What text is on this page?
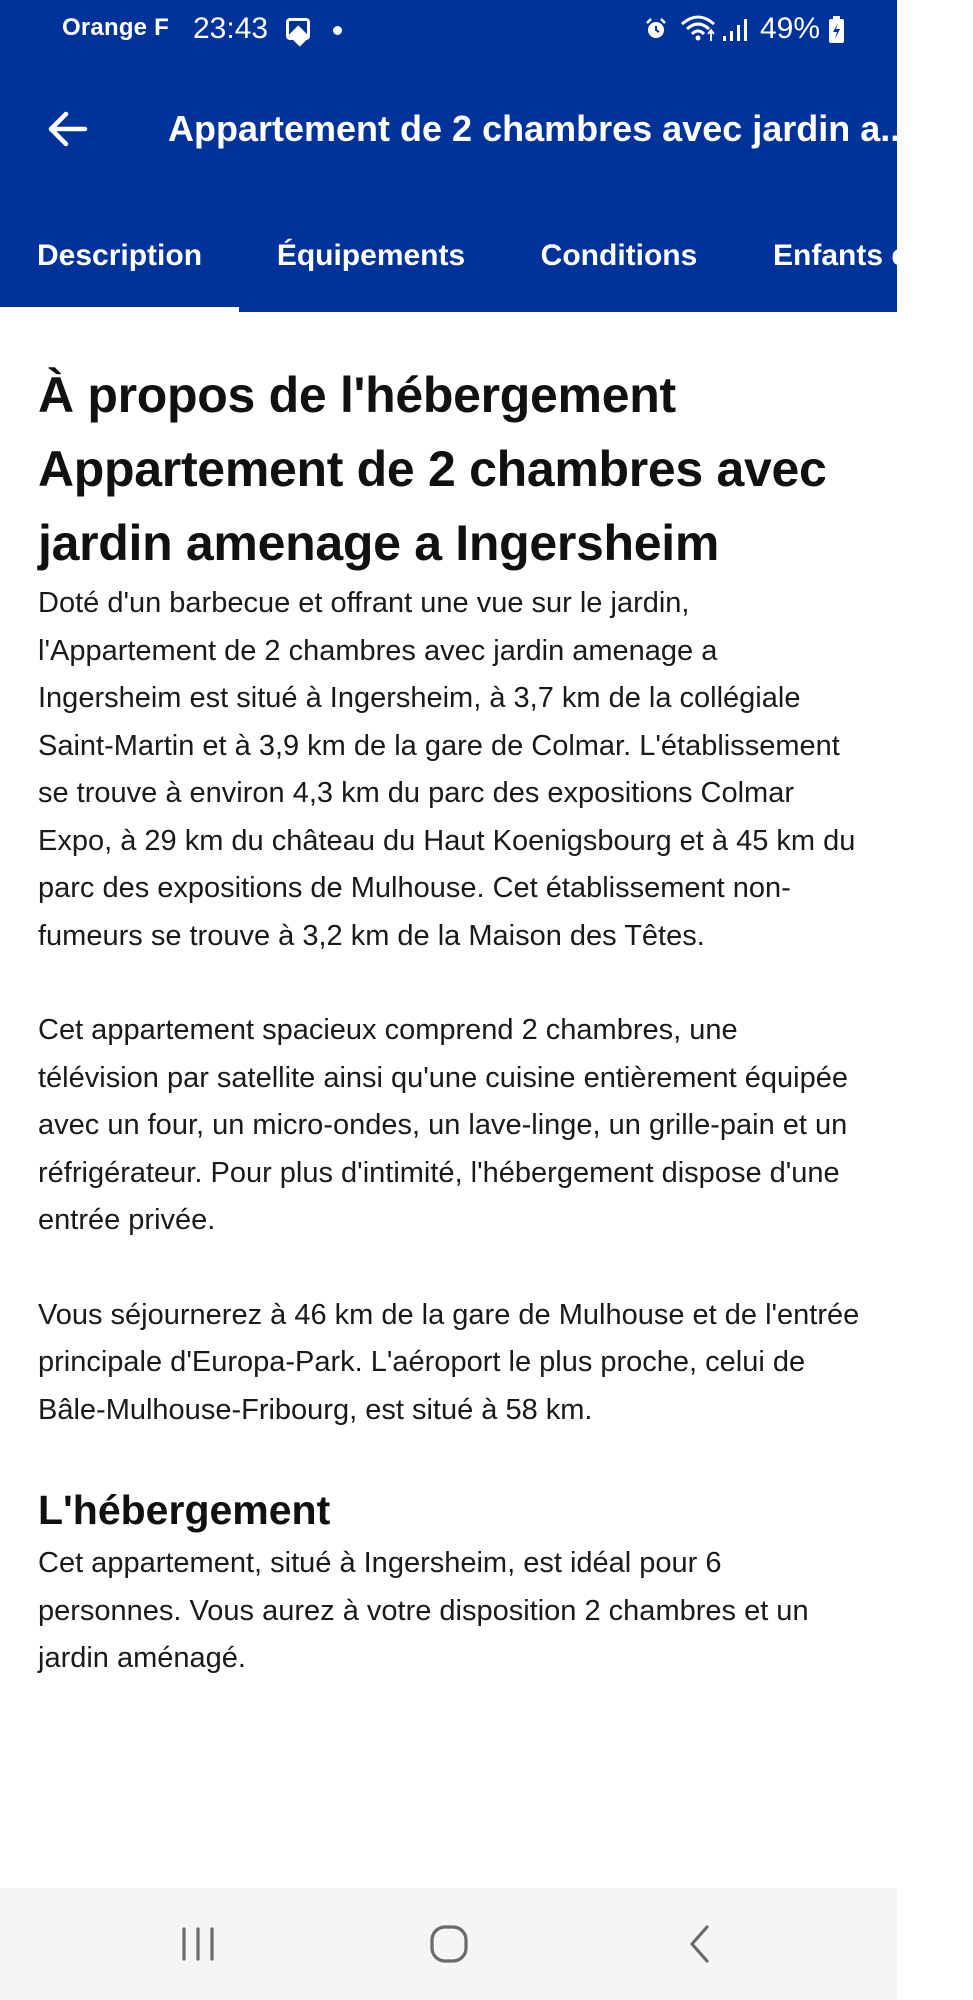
Orange F 23:43	49%
Appartement de 2 chambres avec jardin a...
Description	Équipements	Conditions	Enfants et lits
À propos de l'hébergement Appartement de 2 chambres avec jardin amenage a Ingersheim

Doté d'un barbecue et offrant une vue sur le jardin, l'Appartement de 2 chambres avec jardin amenage a Ingersheim est situé à Ingersheim, à 3,7 km de la collégiale Saint-Martin et à 3,9 km de la gare de Colmar. L'établissement se trouve à environ 4,3 km du parc des expositions Colmar Expo, à 29 km du château du Haut Koenigsbourg et à 45 km du parc des expositions de Mulhouse. Cet établissement non-fumeurs se trouve à 3,2 km de la Maison des Têtes.

Cet appartement spacieux comprend 2 chambres, une télévision par satellite ainsi qu'une cuisine entièrement équipée avec un four, un micro-ondes, un lave-linge, un grille-pain et un réfrigérateur. Pour plus d'intimité, l'hébergement dispose d'une entrée privée.

Vous séjournerez à 46 km de la gare de Mulhouse et de l'entrée principale d'Europa-Park. L'aéroport le plus proche, celui de Bâle-Mulhouse-Fribourg, est situé à 58 km.

L'hébergement

Cet appartement, situé à Ingersheim, est idéal pour 6 personnes. Vous aurez à votre disposition 2 chambres et un jardin aménagé.
